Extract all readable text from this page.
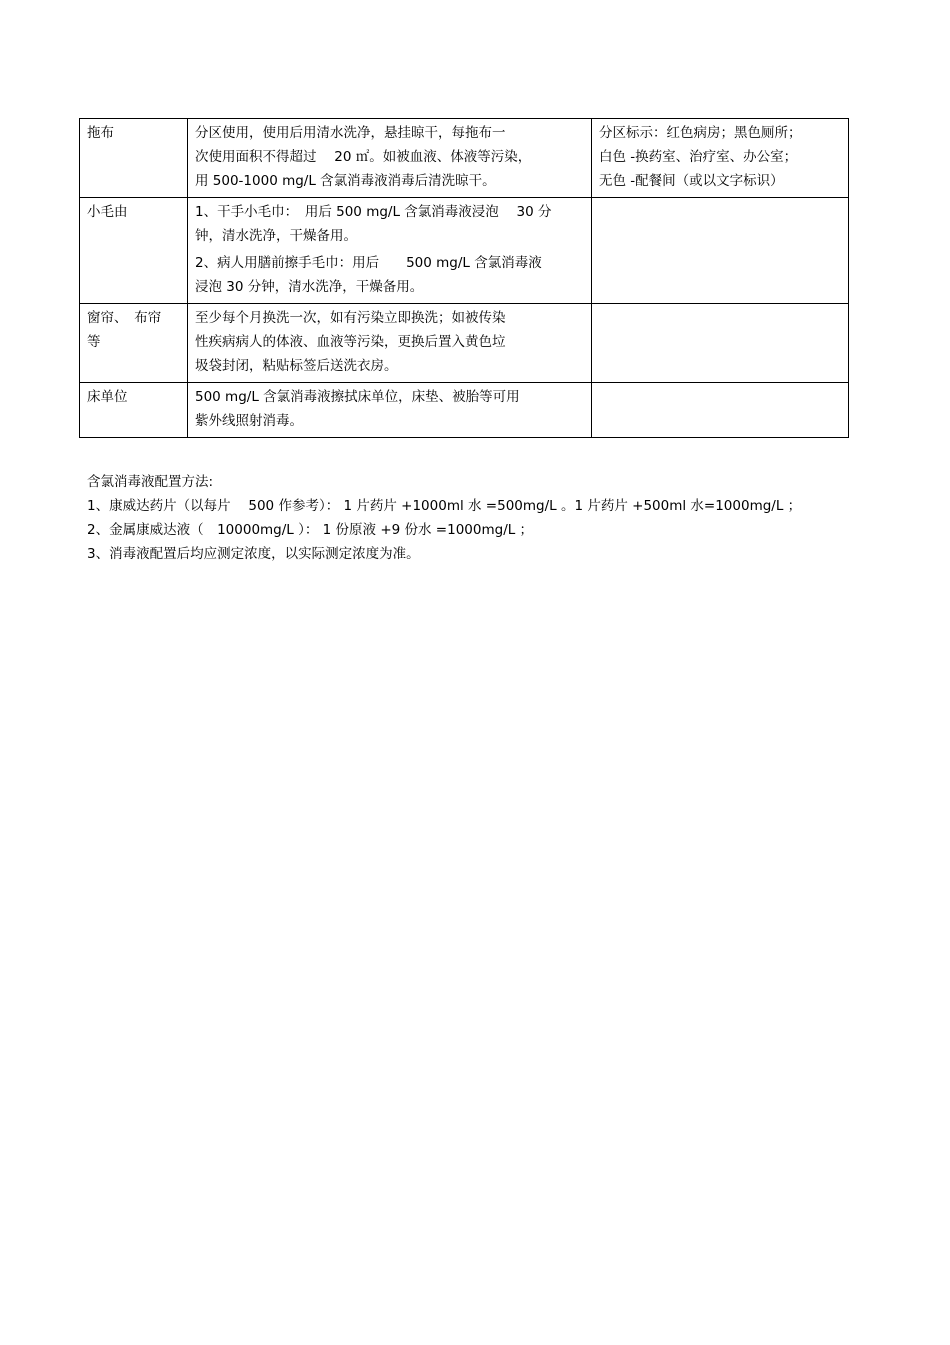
拖布	分区使用，使用后用清水洗净，悬挂晾干，每拖布一
次使用面积不得超过　 20 ㎡。如被血液、体液等污染，
用 500-1000 mg/L 含氯消毒液消毒后清洗晾干。	分区标示：红色病房；黑色厕所；
白色 -换药室、治疗室、办公室；
无色 -配餐间（或以文字标识）

小毛由	1、干手小毛巾：　用后 500 mg/L 含氯消毒液浸泡　 30 分
钟，清水洗净，干燥备用。
2、病人用膳前擦手毛巾：用后　　500 mg/L 含氯消毒液
浸泡 30 分钟，清水洗净，干燥备用。	

窗帘、　布帘
等	至少每个月换洗一次，如有污染立即换洗；如被传染
性疾病病人的体液、血液等污染，更换后置入黄色垃
圾袋封闭，粘贴标签后送洗衣房。	

床单位	500 mg/L 含氯消毒液擦拭床单位，床垫、被胎等可用
紫外线照射消毒。	

含氯消毒液配置方法:
1、康威达药片（以每片　 500 作参考）： 1 片药片 +1000ml 水 =500mg/L 。1 片药片 +500ml 水=1000mg/L ；
2、金属康威达液（　10000mg/L ）： 1 份原液 +9 份水 =1000mg/L ；
3、消毒液配置后均应测定浓度，以实际测定浓度为准。
